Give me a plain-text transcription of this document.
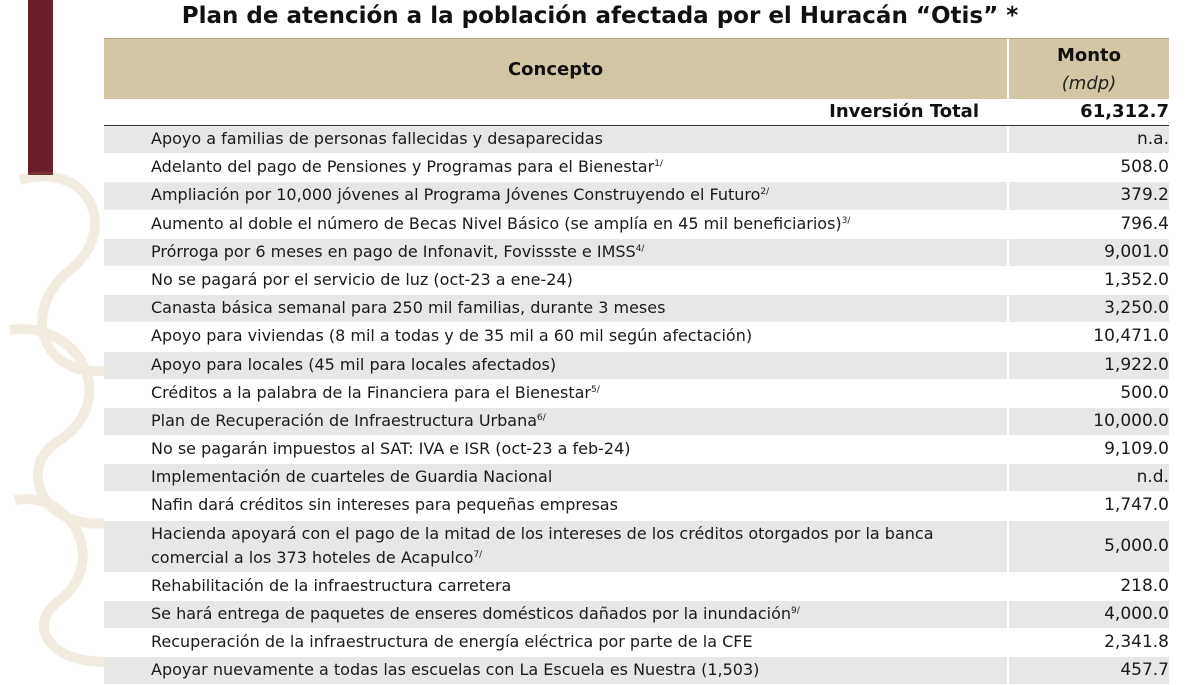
Plan de atención a la población afectada por el Huracán “Otis” *
Concepto
Monto
(mdp)
Inversión Total	61,312.7
Apoyo a familias de personas fallecidas y desaparecidas	n.a.
Adelanto del pago de Pensiones y Programas para el Bienestar$^{1/}$	508.0
Ampliación por 10,000 jóvenes al Programa Jóvenes Construyendo el Futuro$^{2/}$	379.2
Aumento al doble el número de Becas Nivel Básico (se amplía en 45 mil beneficiarios)$^{3/}$	796.4
Prórroga por 6 meses en pago de Infonavit, Fovissste e $IMSS^{4/}$	9,001.0
No se pagará por el servicio de luz (oct-23 a ene-24)	1,352.0
Canasta básica semanal para 250 mil familias, durante 3 meses	3,250.0
Apoyo para viviendas (8 mil a todas y de 35 mil a 60 mil según afectación)	10,471.0
Apoyo para locales (45 mil para locales afectados)	1,922.0
Créditos a la palabra de la Financiera para el Bienestar$^{5/}$	500.0
Plan de Recuperación de Infraestructura Urbana$^{6/}$	10,000.0
No se pagarán impuestos al SAT: IVA e ISR (oct-23 a feb-24)	9,109.0
Implementación de cuarteles de Guardia Nacional	n.d.
Nafin dará créditos sin intereses para pequeñas empresas	1,747.0
Hacienda apoyará con el pago de la mitad de los intereses de los créditos otorgados por la banca comercial a los 373 hoteles de Acapulco$^{7/}$	5,000.0
Rehabilitación de la infraestructura carretera	218.0
Se hará entrega de paquetes de enseres domésticos dañados por la inundación$^{9/}$	4,000.0
Recuperación de la infraestructura de energía eléctrica por parte de la CFE	2,341.8
Apoyar nuevamente a todas las escuelas con La Escuela es Nuestra (1,503)	457.7
